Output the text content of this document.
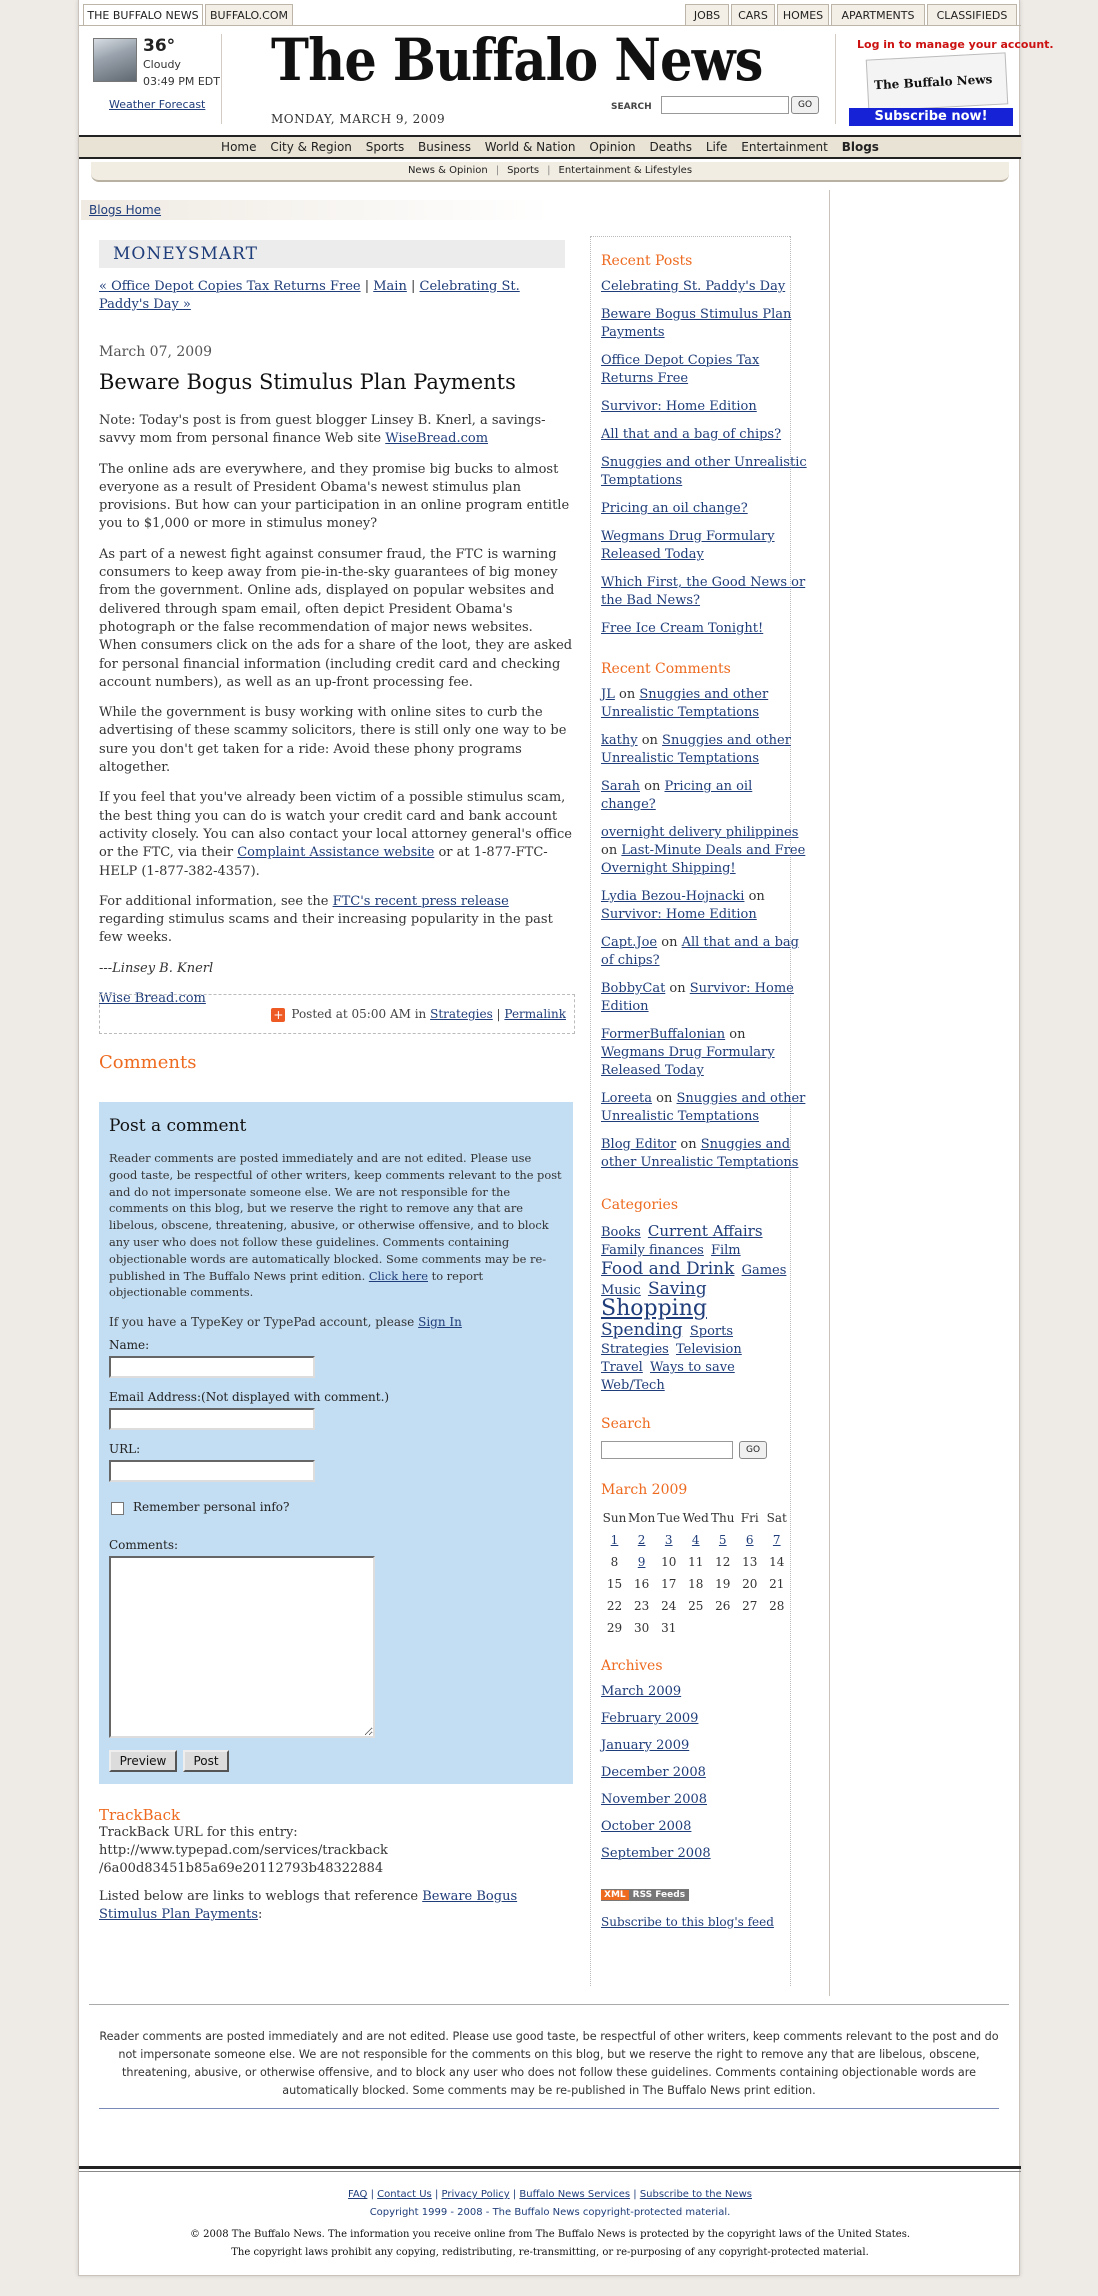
THE BUFFALO NEWS	BUFFALO.COM	JOBS	CARS	HOMES	APARTMENTS	CLASSIFIEDS
36°
Cloudy
03:49 PM EDT
Weather Forecast
The Buffalo News
MONDAY, MARCH 9, 2009
SEARCH	GO
Log in to manage your account.
The Buffalo News
Subscribe now!
Home City & Region Sports Business World & Nation Opinion Deaths Life Entertainment Blogs
News & Opinion | Sports | Entertainment & Lifestyles
Blogs Home
MONEYSMART
« Office Depot Copies Tax Returns Free | Main | Celebrating St. Paddy's Day »
March 07, 2009
Beware Bogus Stimulus Plan Payments

Note: Today's post is from guest blogger Linsey B. Knerl, a savings-savvy mom from personal finance Web site WiseBread.com

The online ads are everywhere, and they promise big bucks to almost everyone as a result of President Obama's newest stimulus plan provisions. But how can your participation in an online program entitle you to $1,000 or more in stimulus money?

As part of a newest fight against consumer fraud, the FTC is warning consumers to keep away from pie-in-the-sky guarantees of big money from the government. Online ads, displayed on popular websites and delivered through spam email, often depict President Obama's photograph or the false recommendation of major news websites. When consumers click on the ads for a share of the loot, they are asked for personal financial information (including credit card and checking account numbers), as well as an up-front processing fee.

While the government is busy working with online sites to curb the advertising of these scammy solicitors, there is still only one way to be sure you don't get taken for a ride: Avoid these phony programs altogether.

If you feel that you've already been victim of a possible stimulus scam, the best thing you can do is watch your credit card and bank account activity closely. You can also contact your local attorney general's office or the FTC, via their Complaint Assistance website or at 1-877-FTC-HELP (1-877-382-4357).

For additional information, see the FTC's recent press release regarding stimulus scams and their increasing popularity in the past few weeks.

---Linsey B. Knerl

Wise Bread.com

+ Posted at 05:00 AM in Strategies | Permalink
Comments
Post a comment
Reader comments are posted immediately and are not edited. Please use good taste, be respectful of other writers, keep comments relevant to the post and do not impersonate someone else. We are not responsible for the comments on this blog, but we reserve the right to remove any that are libelous, obscene, threatening, abusive, or otherwise offensive, and to block any user who does not follow these guidelines. Comments containing objectionable words are automatically blocked. Some comments may be re-published in The Buffalo News print edition. Click here to report objectionable comments.
If you have a TypeKey or TypePad account, please Sign In
Name:
Email Address:(Not displayed with comment.)
URL:
Remember personal info?
Comments:
Preview	Post
TrackBack
TrackBack URL for this entry:
http://www.typepad.com/services/trackback
/6a00d83451b85a69e20112793b48322884
Listed below are links to weblogs that reference Beware Bogus Stimulus Plan Payments:
Recent Posts
Celebrating St. Paddy's Day
Beware Bogus Stimulus Plan Payments
Office Depot Copies Tax Returns Free
Survivor: Home Edition
All that and a bag of chips?
Snuggies and other Unrealistic Temptations
Pricing an oil change?
Wegmans Drug Formulary Released Today
Which First, the Good News or the Bad News?
Free Ice Cream Tonight!
Recent Comments
JL on Snuggies and other Unrealistic Temptations
kathy on Snuggies and other Unrealistic Temptations
Sarah on Pricing an oil change?
overnight delivery philippines on Last-Minute Deals and Free Overnight Shipping!
Lydia Bezou-Hojnacki on Survivor: Home Edition
Capt.Joe on All that and a bag of chips?
BobbyCat on Survivor: Home Edition
FormerBuffalonian on Wegmans Drug Formulary Released Today
Loreeta on Snuggies and other Unrealistic Temptations
Blog Editor on Snuggies and other Unrealistic Temptations
Categories
Books Current Affairs Family finances Film
Food and Drink Games
Music Saving
Shopping
Spending Sports
Strategies Television
Travel Ways to save
Web/Tech
Search
GO
March 2009
Sun	Mon	Tue	Wed	Thu	Fri	Sat
1	2	3	4	5	6	7
8	9	10	11	12	13	14
15	16	17	18	19	20	21
22	23	24	25	26	27	28
29	30	31				
Archives
March 2009
February 2009
January 2009
December 2008
November 2008
October 2008
September 2008
XML RSS Feeds
Subscribe to this blog's feed
Reader comments are posted immediately and are not edited. Please use good taste, be respectful of other writers, keep comments relevant to the post and do not impersonate someone else. We are not responsible for the comments on this blog, but we reserve the right to remove any that are libelous, obscene, threatening, abusive, or otherwise offensive, and to block any user who does not follow these guidelines. Comments containing objectionable words are automatically blocked. Some comments may be re-published in The Buffalo News print edition.
FAQ | Contact Us | Privacy Policy | Buffalo News Services | Subscribe to the News
Copyright 1999 - 2008 - The Buffalo News copyright-protected material.
© 2008 The Buffalo News. The information you receive online from The Buffalo News is protected by the copyright laws of the United States.
The copyright laws prohibit any copying, redistributing, re-transmitting, or re-purposing of any copyright-protected material.
